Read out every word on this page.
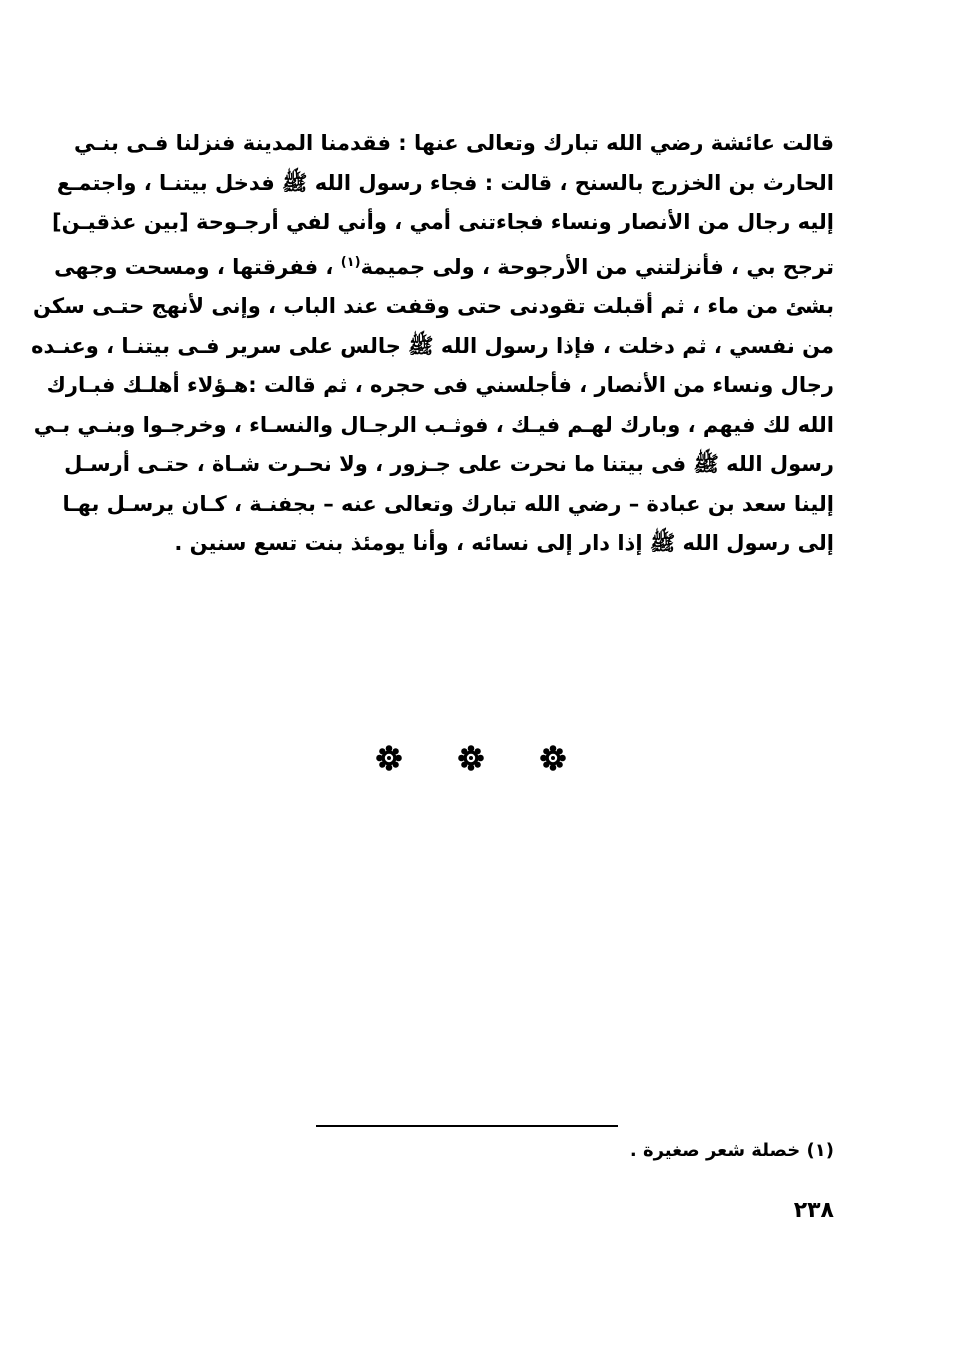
قالت عائشة رضي الله تبارك وتعالى عنها : فقدمنا المدينة فنزلنا فـى بنـي
الحارث بن الخزرج بالسنح ، قالت : فجاء رسول الله ﷺ فدخل بيتنـا ، واجتمـع
إليه رجال من الأنصار ونساء فجاءتنى أمي ، وأني لفي أرجـوحة [بين عذقيـن]
ترجح بي ، فأنزلتني من الأرجوحة ، ولى جميمة$^{(١)}$ ، ففرقتها ، ومسحت وجهى
بشئ من ماء ، ثم أقبلت تقودنى حتى وقفت عند الباب ، وإنى لأنهج حتـى سكن
من نفسي ، ثم دخلت ، فإذا رسول الله ﷺ جالس على سرير فـى بيتنـا ، وعنـده
رجال ونساء من الأنصار ، فأجلسني فى حجره ، ثم قالت :هـؤلاء أهلـك فبـارك
الله لك فيهم ، وبارك لهـم فيـك ، فوثـب الرجـال والنسـاء ، وخرجـوا وبنـي بـي
رسول الله ﷺ فى بيتنا ما نحرت على جـزور ، ولا نحـرت شـاة ، حتـى أرسـل
إلينا سعد بن عبادة – رضي الله تبارك وتعالى عنه – بجفنـة ، كـان يرسـل بهـا
إلى رسول الله ﷺ إذا دار إلى نسائه ، وأنا يومئذ بنت تسع سنين .
(١) خصلة شعر صغيرة .
٢٣٨
